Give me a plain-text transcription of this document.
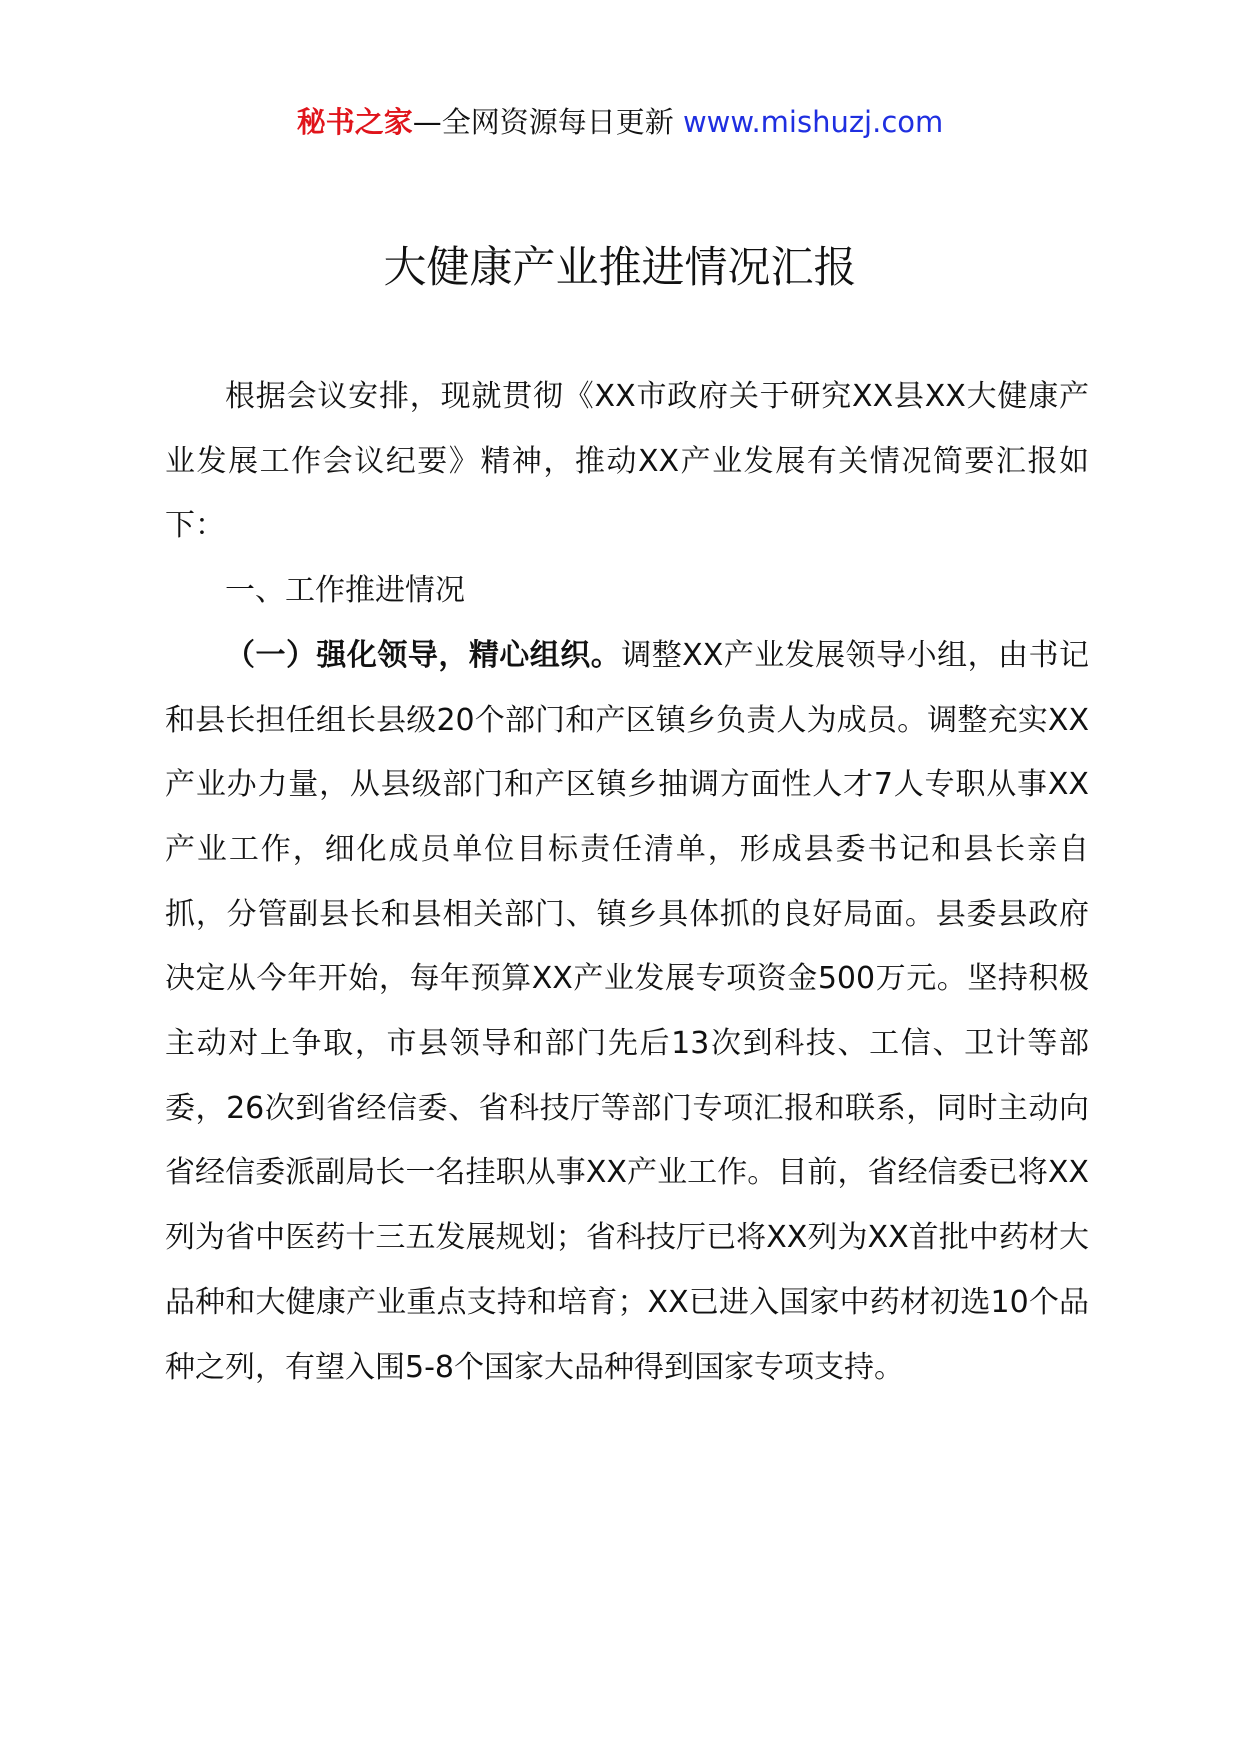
秘书之家—全网资源每日更新 www.mishuzj.com
大健康产业推进情况汇报

根据会议安排，现就贯彻《XX市政府关于研究XX县XX大健康产业发展工作会议纪要》精神，推动XX产业发展有关情况简要汇报如下：

一、工作推进情况

（一）强化领导，精心组织。调整XX产业发展领导小组，由书记和县长担任组长县级20个部门和产区镇乡负责人为成员。调整充实XX产业办力量，从县级部门和产区镇乡抽调方面性人才7人专职从事XX产业工作，细化成员单位目标责任清单，形成县委书记和县长亲自抓，分管副县长和县相关部门、镇乡具体抓的良好局面。县委县政府决定从今年开始，每年预算XX产业发展专项资金500万元。坚持积极主动对上争取，市县领导和部门先后13次到科技、工信、卫计等部委，26次到省经信委、省科技厅等部门专项汇报和联系，同时主动向省经信委派副局长一名挂职从事XX产业工作。目前，省经信委已将XX列为省中医药十三五发展规划；省科技厅已将XX列为XX首批中药材大品种和大健康产业重点支持和培育；XX已进入国家中药材初选10个品种之列，有望入围5-8个国家大品种得到国家专项支持。
